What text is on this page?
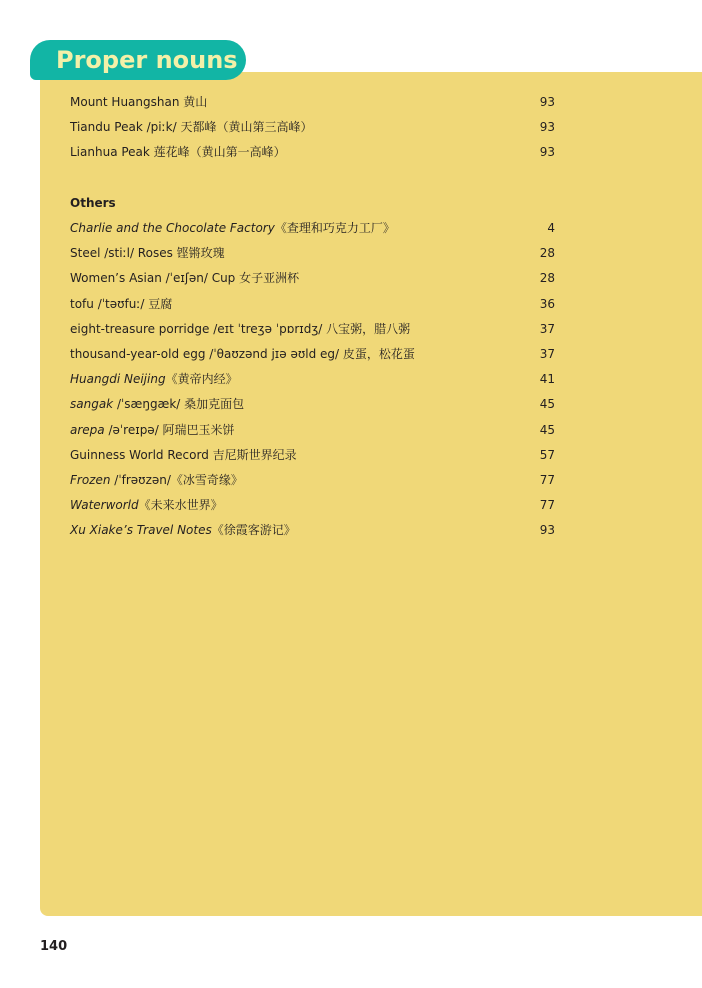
Proper nouns
Mount Huangshan 黄山	93
Tiandu Peak /piːk/ 天都峰（黄山第三高峰）	93
Lianhua Peak 莲花峰（黄山第一高峰）	93
Others
Charlie and the Chocolate Factory《查理和巧克力工厂》	4
Steel /stiːl/ Roses 铿锵玫瑰	28
Women’s Asian /ˈeɪʃən/ Cup 女子亚洲杯	28
tofu /ˈtəʊfuː/ 豆腐	36
eight-treasure porridge /eɪt ˈtreʒə ˈpɒrɪdʒ/ 八宝粥，腊八粥	37
thousand-year-old egg /ˈθaʊzənd jɪə əʊld eg/ 皮蛋，松花蛋	37
Huangdi Neijing《黄帝内经》	41
sangak /ˈsæŋgæk/ 桑加克面包	45
arepa /əˈreɪpə/ 阿瑞巴玉米饼	45
Guinness World Record 吉尼斯世界纪录	57
Frozen /ˈfrəʊzən/《冰雪奇缘》	77
Waterworld《未来水世界》	77
Xu Xiake’s Travel Notes《徐霞客游记》	93
140
